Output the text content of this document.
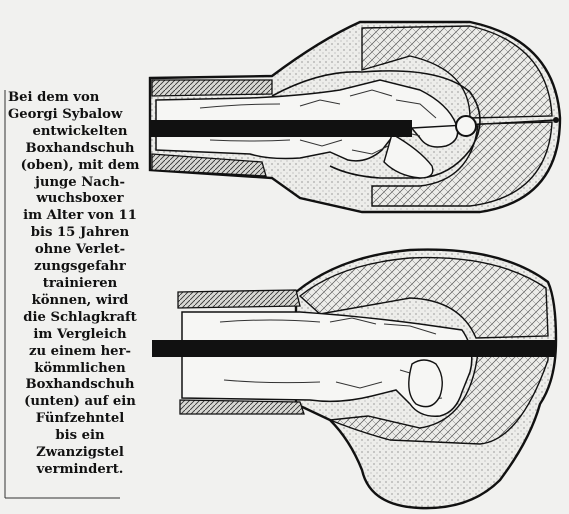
Bei dem von
Georgi Sybalow
entwickelten
Boxhandschuh
(oben), mit dem
junge Nach-
wuchsboxer
im Alter von 11
bis 15 Jahren
ohne Verlet-
zungsgefahr
trainieren
können, wird
die Schlagkraft
im Vergleich
zu einem her-
kömmlichen
Boxhandschuh
(unten) auf ein
Fünfzehntel
bis ein
Zwanzigstel
vermindert.
